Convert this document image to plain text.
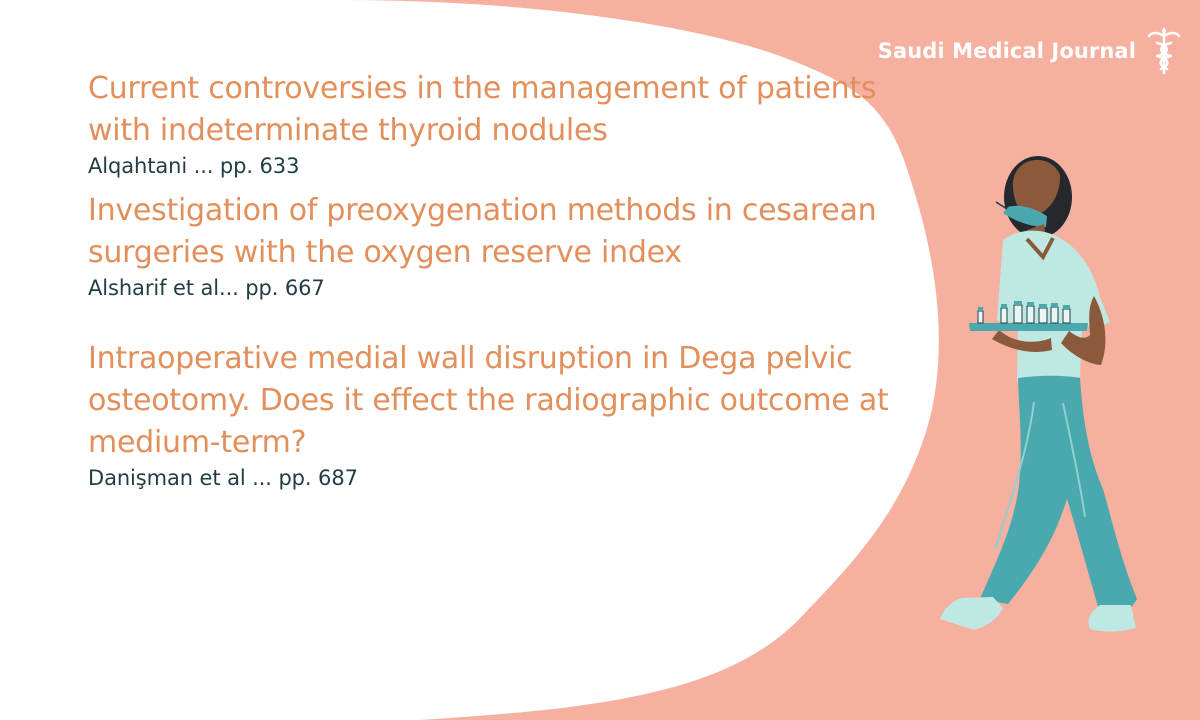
Saudi Medical Journal
Current controversies in the management of patients with indeterminate thyroid nodules

Alqahtani ... pp. 633

Investigation of preoxygenation methods in cesarean surgeries with the oxygen reserve index

Alsharif et al... pp. 667

Intraoperative medial wall disruption in Dega pelvic osteotomy. Does it effect the radiographic outcome at medium-term?

Danişman et al ... pp. 687
